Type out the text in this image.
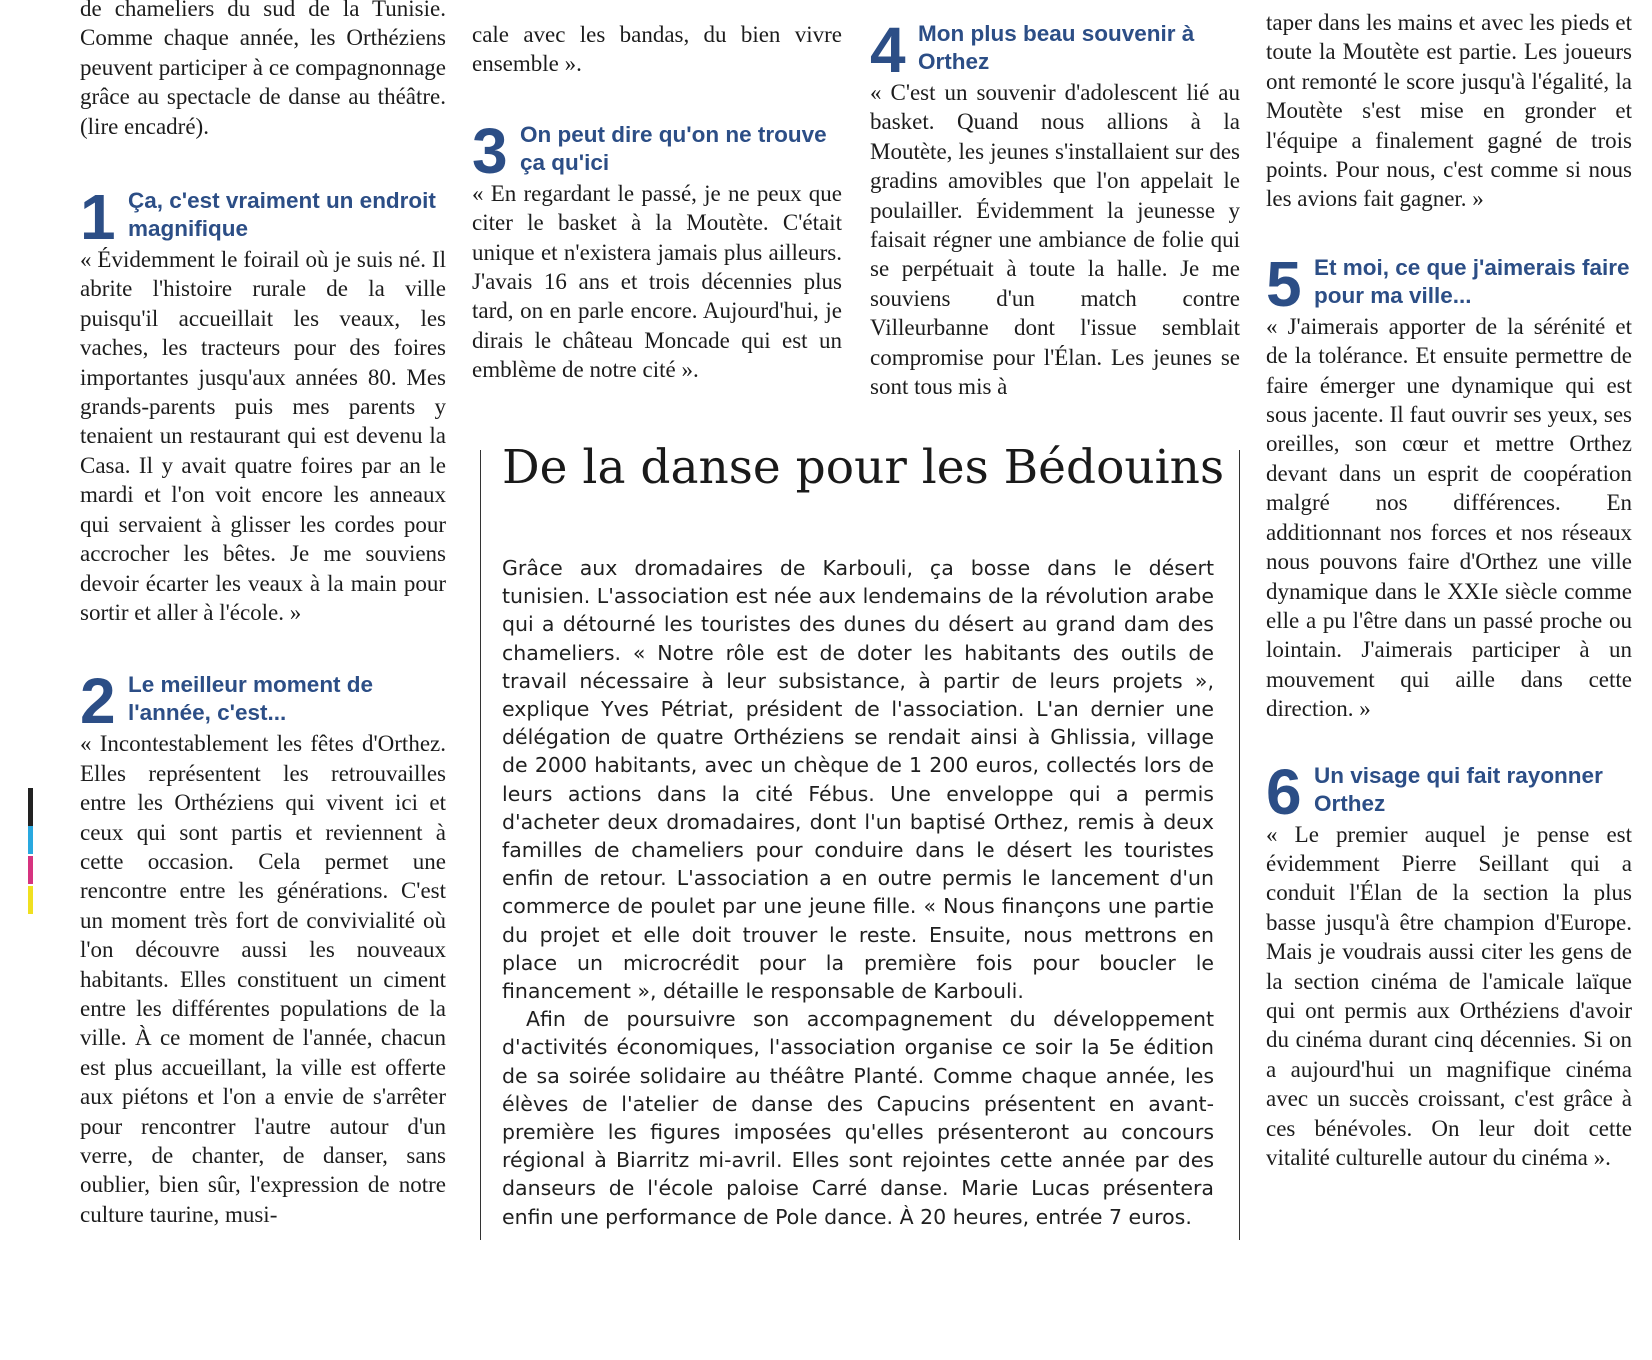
de chameliers du sud de la Tunisie. Comme chaque année, les Orthéziens peuvent participer à ce compagnonnage grâce au spectacle de danse au théâtre. (lire encadré).

1 Ça, c'est vraiment un endroit magnifique

« Évidemment le foirail où je suis né. Il abrite l'histoire rurale de la ville puisqu'il accueillait les veaux, les vaches, les tracteurs pour des foires importantes jusqu'aux années 80. Mes grands-parents puis mes parents y tenaient un restaurant qui est devenu la Casa. Il y avait quatre foires par an le mardi et l'on voit encore les anneaux qui servaient à glisser les cordes pour accrocher les bêtes. Je me souviens devoir écarter les veaux à la main pour sortir et aller à l'école. »

2 Le meilleur moment de l'année, c'est...

« Incontestablement les fêtes d'Orthez. Elles représentent les retrouvailles entre les Orthéziens qui vivent ici et ceux qui sont partis et reviennent à cette occasion. Cela permet une rencontre entre les générations. C'est un moment très fort de convivialité où l'on découvre aussi les nouveaux habitants. Elles constituent un ciment entre les différentes populations de la ville. À ce moment de l'année, chacun est plus accueillant, la ville est offerte aux piétons et l'on a envie de s'arrêter pour rencontrer l'autre autour d'un verre, de chanter, de danser, sans oublier, bien sûr, l'expression de notre culture taurine, musi-

cale avec les bandas, du bien vivre ensemble ».

3 On peut dire qu'on ne trouve ça qu'ici

« En regardant le passé, je ne peux que citer le basket à la Moutète. C'était unique et n'existera jamais plus ailleurs. J'avais 16 ans et trois décennies plus tard, on en parle encore. Aujourd'hui, je dirais le château Moncade qui est un emblème de notre cité ».

4 Mon plus beau souvenir à Orthez

« C'est un souvenir d'adolescent lié au basket. Quand nous allions à la Moutète, les jeunes s'installaient sur des gradins amovibles que l'on appelait le poulailler. Évidemment la jeunesse y faisait régner une ambiance de folie qui se perpétuait à toute la halle. Je me souviens d'un match contre Villeurbanne dont l'issue semblait compromise pour l'Élan. Les jeunes se sont tous mis à

taper dans les mains et avec les pieds et toute la Moutète est partie. Les joueurs ont remonté le score jusqu'à l'égalité, la Moutète s'est mise en gronder et l'équipe a finalement gagné de trois points. Pour nous, c'est comme si nous les avions fait gagner. »

5 Et moi, ce que j'aimerais faire pour ma ville...

« J'aimerais apporter de la sérénité et de la tolérance. Et ensuite permettre de faire émerger une dynamique qui est sous jacente. Il faut ouvrir ses yeux, ses oreilles, son cœur et mettre Orthez devant dans un esprit de coopération malgré nos différences. En additionnant nos forces et nos réseaux nous pouvons faire d'Orthez une ville dynamique dans le XXIe siècle comme elle a pu l'être dans un passé proche ou lointain. J'aimerais participer à un mouvement qui aille dans cette direction. »

6 Un visage qui fait rayonner Orthez

« Le premier auquel je pense est évidemment Pierre Seillant qui a conduit l'Élan de la section la plus basse jusqu'à être champion d'Europe. Mais je voudrais aussi citer les gens de la section cinéma de l'amicale laïque qui ont permis aux Orthéziens d'avoir du cinéma durant cinq décennies. Si on a aujourd'hui un magnifique cinéma avec un succès croissant, c'est grâce à ces bénévoles. On leur doit cette vitalité culturelle autour du cinéma ».

De la danse pour les Bédouins

Grâce aux dromadaires de Karbouli, ça bosse dans le désert tunisien. L'association est née aux lendemains de la révolution arabe qui a détourné les touristes des dunes du désert au grand dam des chameliers. « Notre rôle est de doter les habitants des outils de travail nécessaire à leur subsistance, à partir de leurs projets », explique Yves Pétriat, président de l'association. L'an dernier une délégation de quatre Orthéziens se rendait ainsi à Ghlissia, village de 2000 habitants, avec un chèque de 1 200 euros, collectés lors de leurs actions dans la cité Fébus. Une enveloppe qui a permis d'acheter deux dromadaires, dont l'un baptisé Orthez, remis à deux familles de chameliers pour conduire dans le désert les touristes enfin de retour. L'association a en outre permis le lancement d'un commerce de poulet par une jeune fille. « Nous finançons une partie du projet et elle doit trouver le reste. Ensuite, nous mettrons en place un microcrédit pour la première fois pour boucler le financement », détaille le responsable de Karbouli.

Afin de poursuivre son accompagnement du développement d'activités économiques, l'association organise ce soir la 5e édition de sa soirée solidaire au théâtre Planté. Comme chaque année, les élèves de l'atelier de danse des Capucins présentent en avant-première les figures imposées qu'elles présenteront au concours régional à Biarritz mi-avril. Elles sont rejointes cette année par des danseurs de l'école paloise Carré danse. Marie Lucas présentera enfin une performance de Pole dance. À 20 heures, entrée 7 euros.
